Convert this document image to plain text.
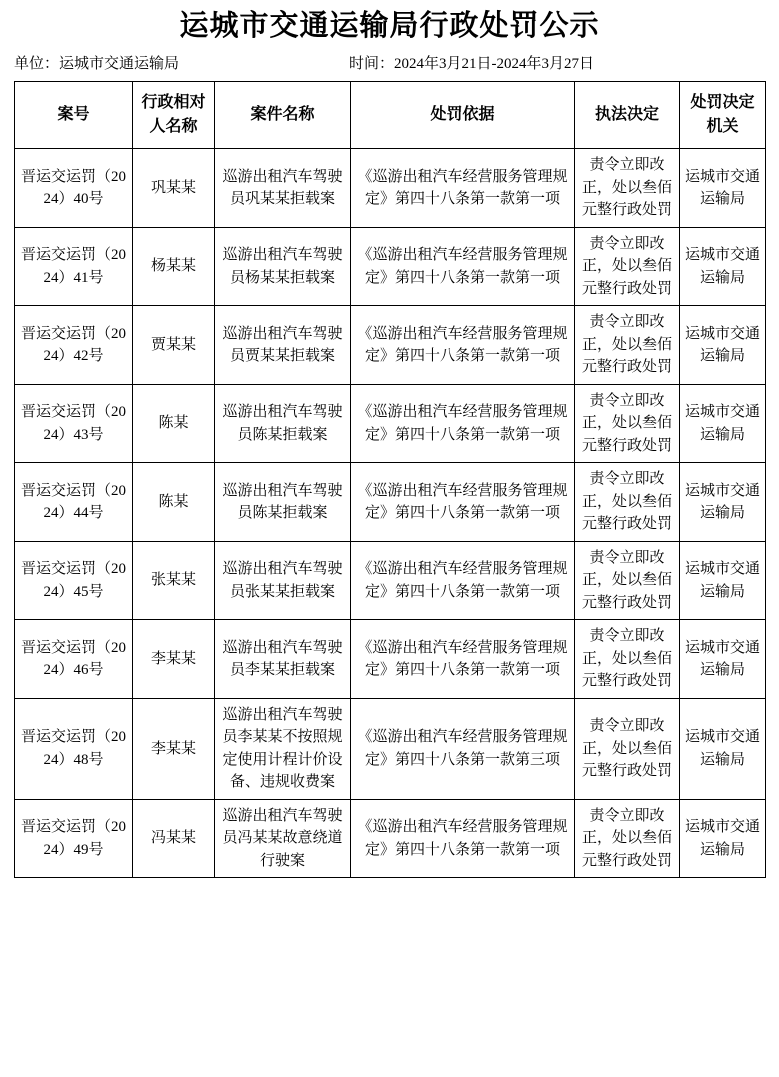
运城市交通运输局行政处罚公示
单位：运城市交通运输局	时间：2024年3月21日-2024年3月27日
案号	行政相对人名称	案件名称	处罚依据	执法决定	处罚决定机关
晋运交运罚（2024）40号	巩某某	巡游出租汽车驾驶员巩某某拒载案	《巡游出租汽车经营服务管理规定》第四十八条第一款第一项	责令立即改正，处以叁佰元整行政处罚	运城市交通运输局
晋运交运罚（2024）41号	杨某某	巡游出租汽车驾驶员杨某某拒载案	《巡游出租汽车经营服务管理规定》第四十八条第一款第一项	责令立即改正，处以叁佰元整行政处罚	运城市交通运输局
晋运交运罚（2024）42号	贾某某	巡游出租汽车驾驶员贾某某拒载案	《巡游出租汽车经营服务管理规定》第四十八条第一款第一项	责令立即改正，处以叁佰元整行政处罚	运城市交通运输局
晋运交运罚（2024）43号	陈某	巡游出租汽车驾驶员陈某拒载案	《巡游出租汽车经营服务管理规定》第四十八条第一款第一项	责令立即改正，处以叁佰元整行政处罚	运城市交通运输局
晋运交运罚（2024）44号	陈某	巡游出租汽车驾驶员陈某拒载案	《巡游出租汽车经营服务管理规定》第四十八条第一款第一项	责令立即改正，处以叁佰元整行政处罚	运城市交通运输局
晋运交运罚（2024）45号	张某某	巡游出租汽车驾驶员张某某拒载案	《巡游出租汽车经营服务管理规定》第四十八条第一款第一项	责令立即改正，处以叁佰元整行政处罚	运城市交通运输局
晋运交运罚（2024）46号	李某某	巡游出租汽车驾驶员李某某拒载案	《巡游出租汽车经营服务管理规定》第四十八条第一款第一项	责令立即改正，处以叁佰元整行政处罚	运城市交通运输局
晋运交运罚（2024）48号	李某某	巡游出租汽车驾驶员李某某不按照规定使用计程计价设备、违规收费案	《巡游出租汽车经营服务管理规定》第四十八条第一款第三项	责令立即改正，处以叁佰元整行政处罚	运城市交通运输局
晋运交运罚（2024）49号	冯某某	巡游出租汽车驾驶员冯某某故意绕道行驶案	《巡游出租汽车经营服务管理规定》第四十八条第一款第一项	责令立即改正，处以叁佰元整行政处罚	运城市交通运输局
